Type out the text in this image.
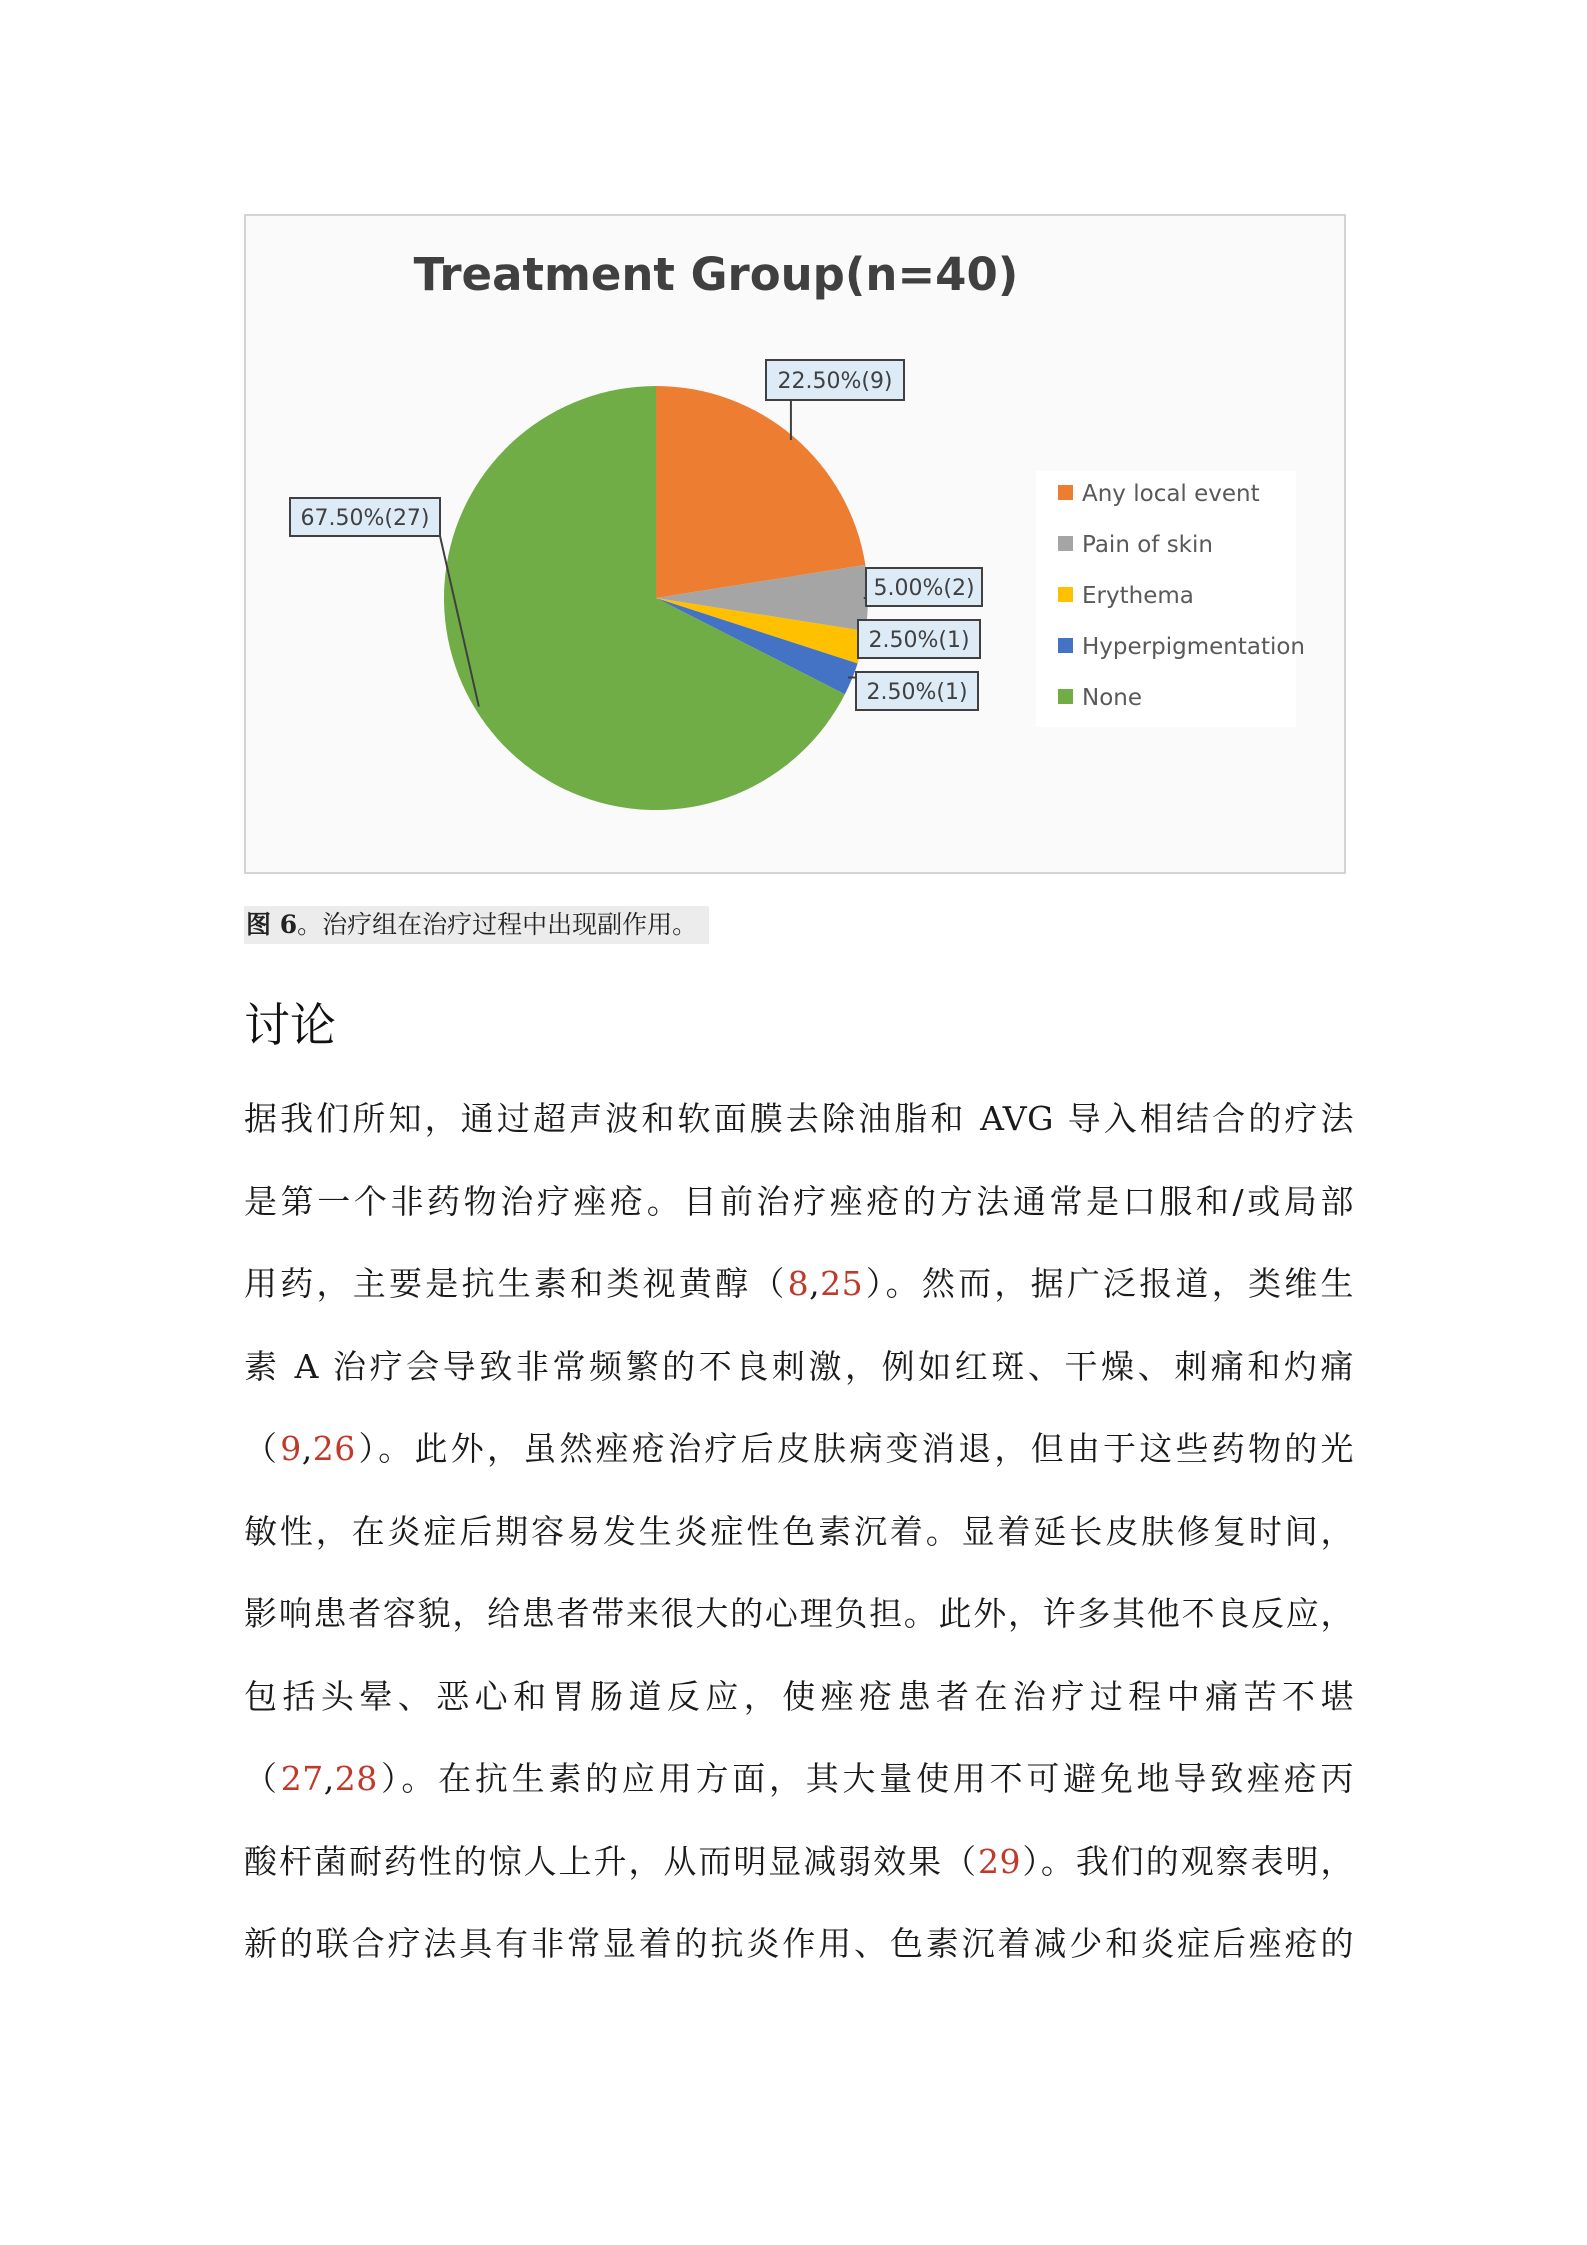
Treatment Group(n=40)
22.50%(9)
5.00%(2)
2.50%(1)
2.50%(1)
67.50%(27)
Any local event
Pain of skin
Erythema
Hyperpigmentation
None
图 6。治疗组在治疗过程中出现副作用。
讨论
据我们所知，通过超声波和软面膜去除油脂和 AVG 导入相结合的疗法
是第一个非药物治疗痤疮。目前治疗痤疮的方法通常是口服和/或局部
用药，主要是抗生素和类视黄醇（8,25）。然而，据广泛报道，类维生
素 A 治疗会导致非常频繁的不良刺激，例如红斑、干燥、刺痛和灼痛
（9,26）。此外，虽然痤疮治疗后皮肤病变消退，但由于这些药物的光
敏性，在炎症后期容易发生炎症性色素沉着。显着延长皮肤修复时间，
影响患者容貌，给患者带来很大的心理负担。此外，许多其他不良反应，
包括头晕、恶心和胃肠道反应，使痤疮患者在治疗过程中痛苦不堪
（27,28）。在抗生素的应用方面，其大量使用不可避免地导致痤疮丙
酸杆菌耐药性的惊人上升，从而明显减弱效果（29）。我们的观察表明，
新的联合疗法具有非常显着的抗炎作用、色素沉着减少和炎症后痤疮的
